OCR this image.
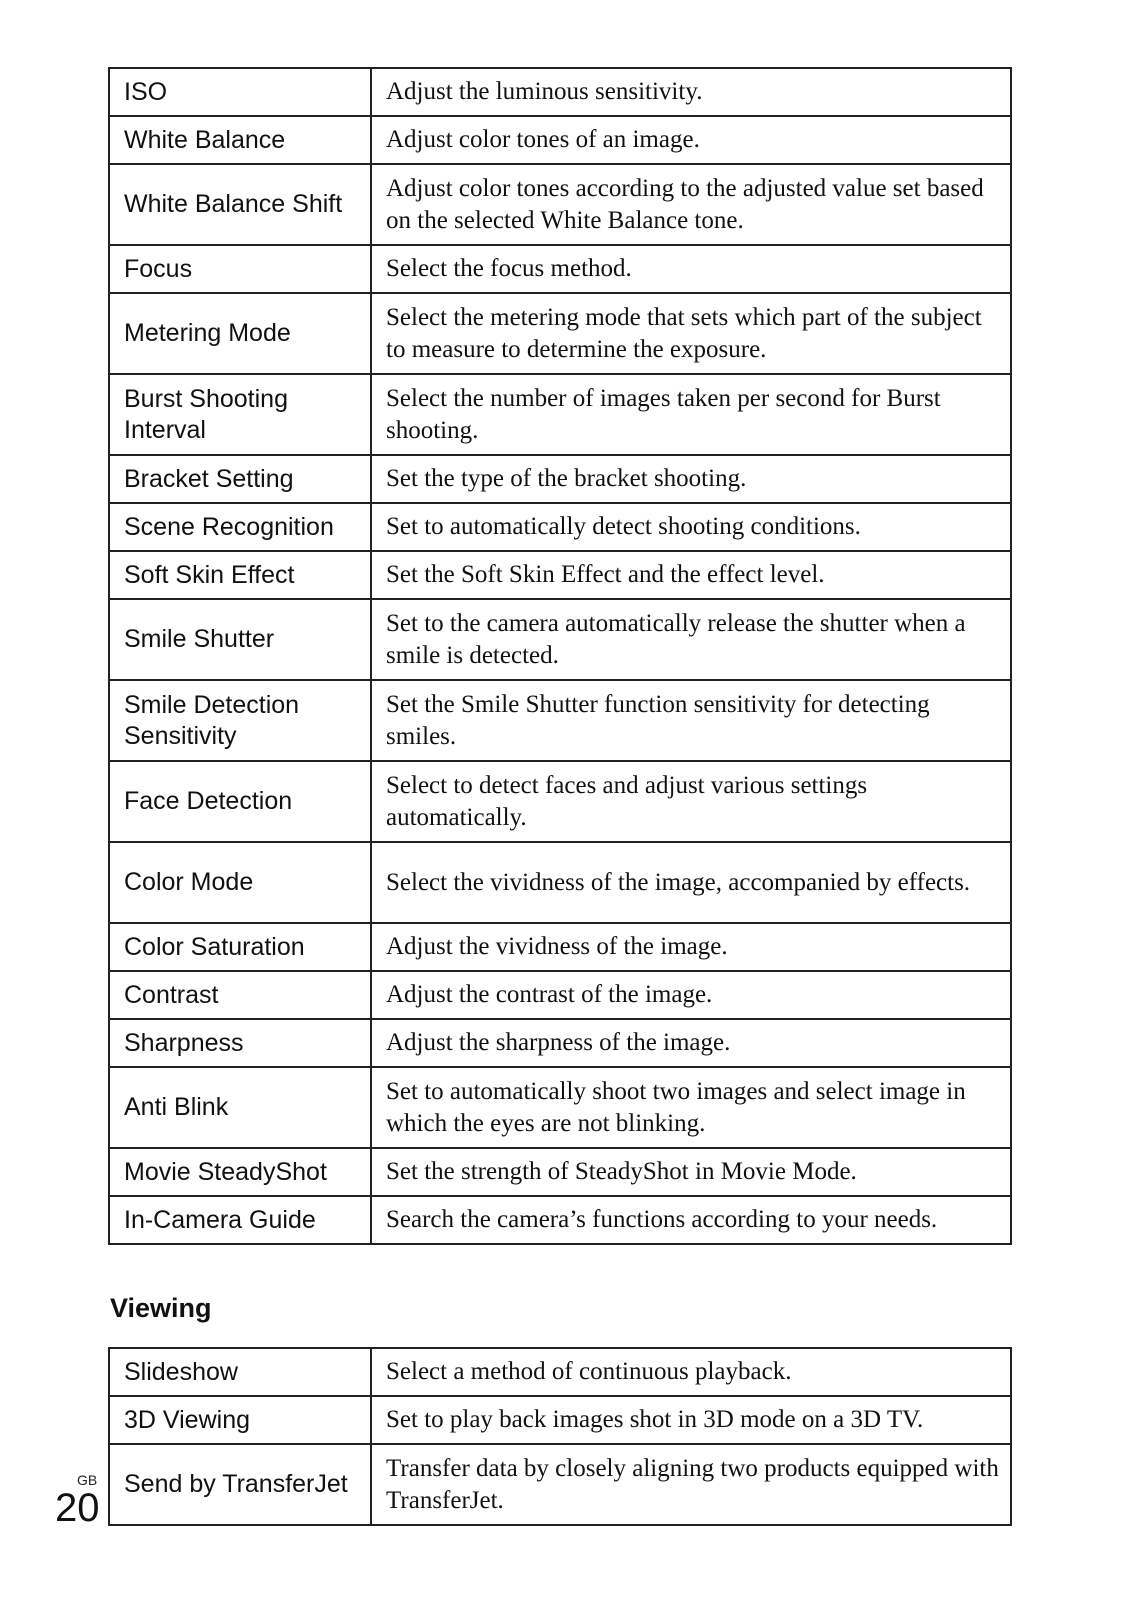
ISO	Adjust the luminous sensitivity.
White Balance	Adjust color tones of an image.
White Balance Shift	Adjust color tones according to the adjusted value set based on the selected White Balance tone.
Focus	Select the focus method.
Metering Mode	Select the metering mode that sets which part of the subject to measure to determine the exposure.
Burst Shooting Interval	Select the number of images taken per second for Burst shooting.
Bracket Setting	Set the type of the bracket shooting.
Scene Recognition	Set to automatically detect shooting conditions.
Soft Skin Effect	Set the Soft Skin Effect and the effect level.
Smile Shutter	Set to the camera automatically release the shutter when a smile is detected.
Smile Detection Sensitivity	Set the Smile Shutter function sensitivity for detecting smiles.
Face Detection	Select to detect faces and adjust various settings automatically.
Color Mode	Select the vividness of the image, accompanied by effects.
Color Saturation	Adjust the vividness of the image.
Contrast	Adjust the contrast of the image.
Sharpness	Adjust the sharpness of the image.
Anti Blink	Set to automatically shoot two images and select image in which the eyes are not blinking.
Movie SteadyShot	Set the strength of SteadyShot in Movie Mode.
In-Camera Guide	Search the camera’s functions according to your needs.
Viewing
Slideshow	Select a method of continuous playback.
3D Viewing	Set to play back images shot in 3D mode on a 3D TV.
Send by TransferJet	Transfer data by closely aligning two products equipped with TransferJet.
GB
20
